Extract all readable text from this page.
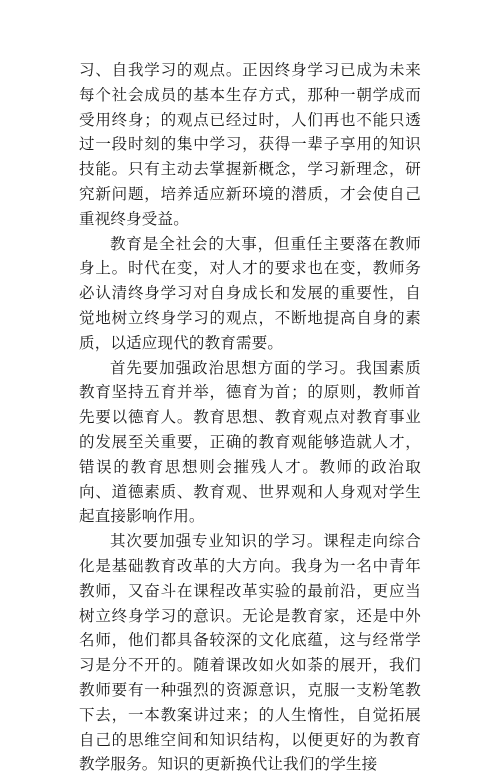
习、自我学习的观点。正因终身学习已成为未来每个社会成员的基本生存方式，那种一朝学成而受用终身；的观点已经过时，人们再也不能只透过一段时刻的集中学习，获得一辈子享用的知识技能。只有主动去掌握新概念，学习新理念，研究新问题，培养适应新环境的潜质，才会使自己重视终身受益。

教育是全社会的大事，但重任主要落在教师身上。时代在变，对人才的要求也在变，教师务必认清终身学习对自身成长和发展的重要性，自觉地树立终身学习的观点，不断地提高自身的素质，以适应现代的教育需要。

首先要加强政治思想方面的学习。我国素质教育坚持五育并举，德育为首；的原则，教师首先要以德育人。教育思想、教育观点对教育事业的发展至关重要，正确的教育观能够造就人才，错误的教育思想则会摧残人才。教师的政治取向、道德素质、教育观、世界观和人身观对学生起直接影响作用。

其次要加强专业知识的学习。课程走向综合化是基础教育改革的大方向。我身为一名中青年教师，又奋斗在课程改革实验的最前沿，更应当树立终身学习的意识。无论是教育家，还是中外名师，他们都具备较深的文化底蕴，这与经常学习是分不开的。随着课改如火如荼的展开，我们教师要有一种强烈的资源意识，克服一支粉笔教下去，一本教案讲过来；的人生惰性，自觉拓展自己的思维空间和知识结构，以便更好的为教育教学服务。知识的更新换代让我们的学生接
